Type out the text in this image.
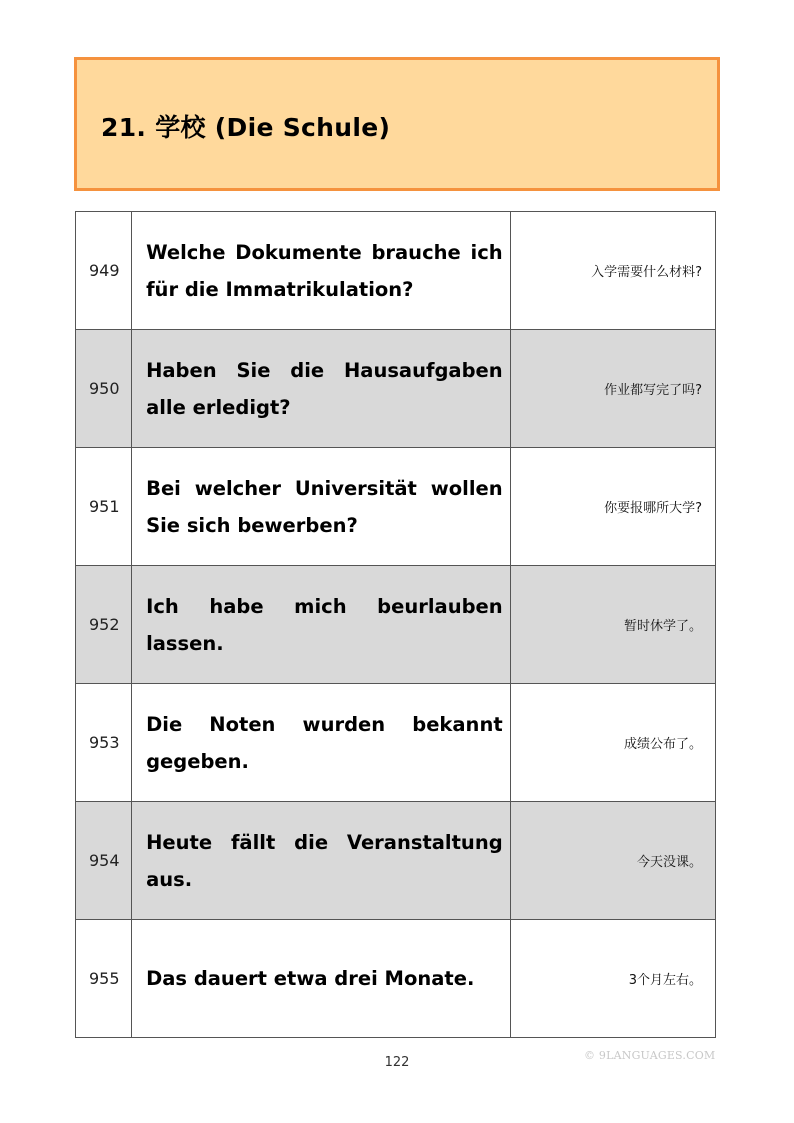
21. 学校 (Die Schule)
949	Welche Dokumente brauche ich für die Immatrikulation?	入学需要什么材料?
950	Haben Sie die Hausaufgaben alle erledigt?	作业都写完了吗?
951	Bei welcher Universität wollen Sie sich bewerben?	你要报哪所大学?
952	Ich habe mich beurlauben lassen.	暂时休学了。
953	Die Noten wurden bekannt gegeben.	成绩公布了。
954	Heute fällt die Veranstaltung aus.	今天没课。
955	Das dauert etwa drei Monate.	3个月左右。
122	© 9LANGUAGES.COM
